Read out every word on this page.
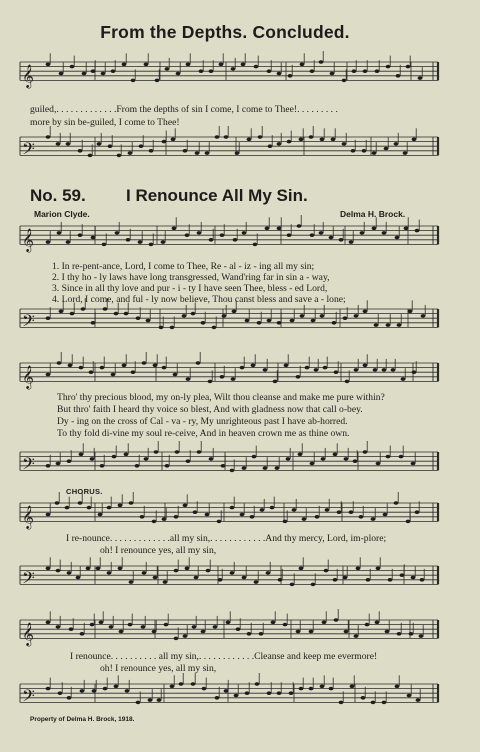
𝄞
𝄢
𝄞
𝄢
𝄞
𝄢
𝄞
𝄢
𝄞
𝄢
From the Depths. Concluded.
guiled,. . . . . . . . . . . . .From the depths of sin I come, I come to Thee!. . . . . . . . .
more by sin be-guiled, I come to Thee!
No. 59. I Renounce All My Sin.
Marion Clyde.	Delma H. Brock.
1. In re-pent-ance, Lord, I come to Thee, Re - al - iz - ing all my sin;
2. I thy ho - ly laws have long transgressed, Wand'ring far in sin a - way,
3. Since in all thy love and pur - i - ty I have seen Thee, bless - ed Lord,
4. Lord, I come, and ful - ly now believe, Thou canst bless and save a - lone;
Thro' thy precious blood, my on-ly plea, Wilt thou cleanse and make me pure within?
But thro' faith I heard thy voice so blest, And with gladness now that call o-bey.
Dy - ing on the cross of Cal - va - ry, My unrighteous past I have ab-horred.
To thy fold di-vine my soul re-ceive, And in heaven crown me as thine own.
CHORUS.
I re-nounce. . . . . . . . . . . . .all my sin,. . . . . . . . . . . .And thy mercy, Lord, im-plore;
oh! I renounce yes, all my sin,
I renounce. . . . . . . . . . all my sin,. . . . . . . . . . . .Cleanse and keep me evermore!
oh! I renounce yes, all my sin,
Property of Delma H. Brock, 1918.
